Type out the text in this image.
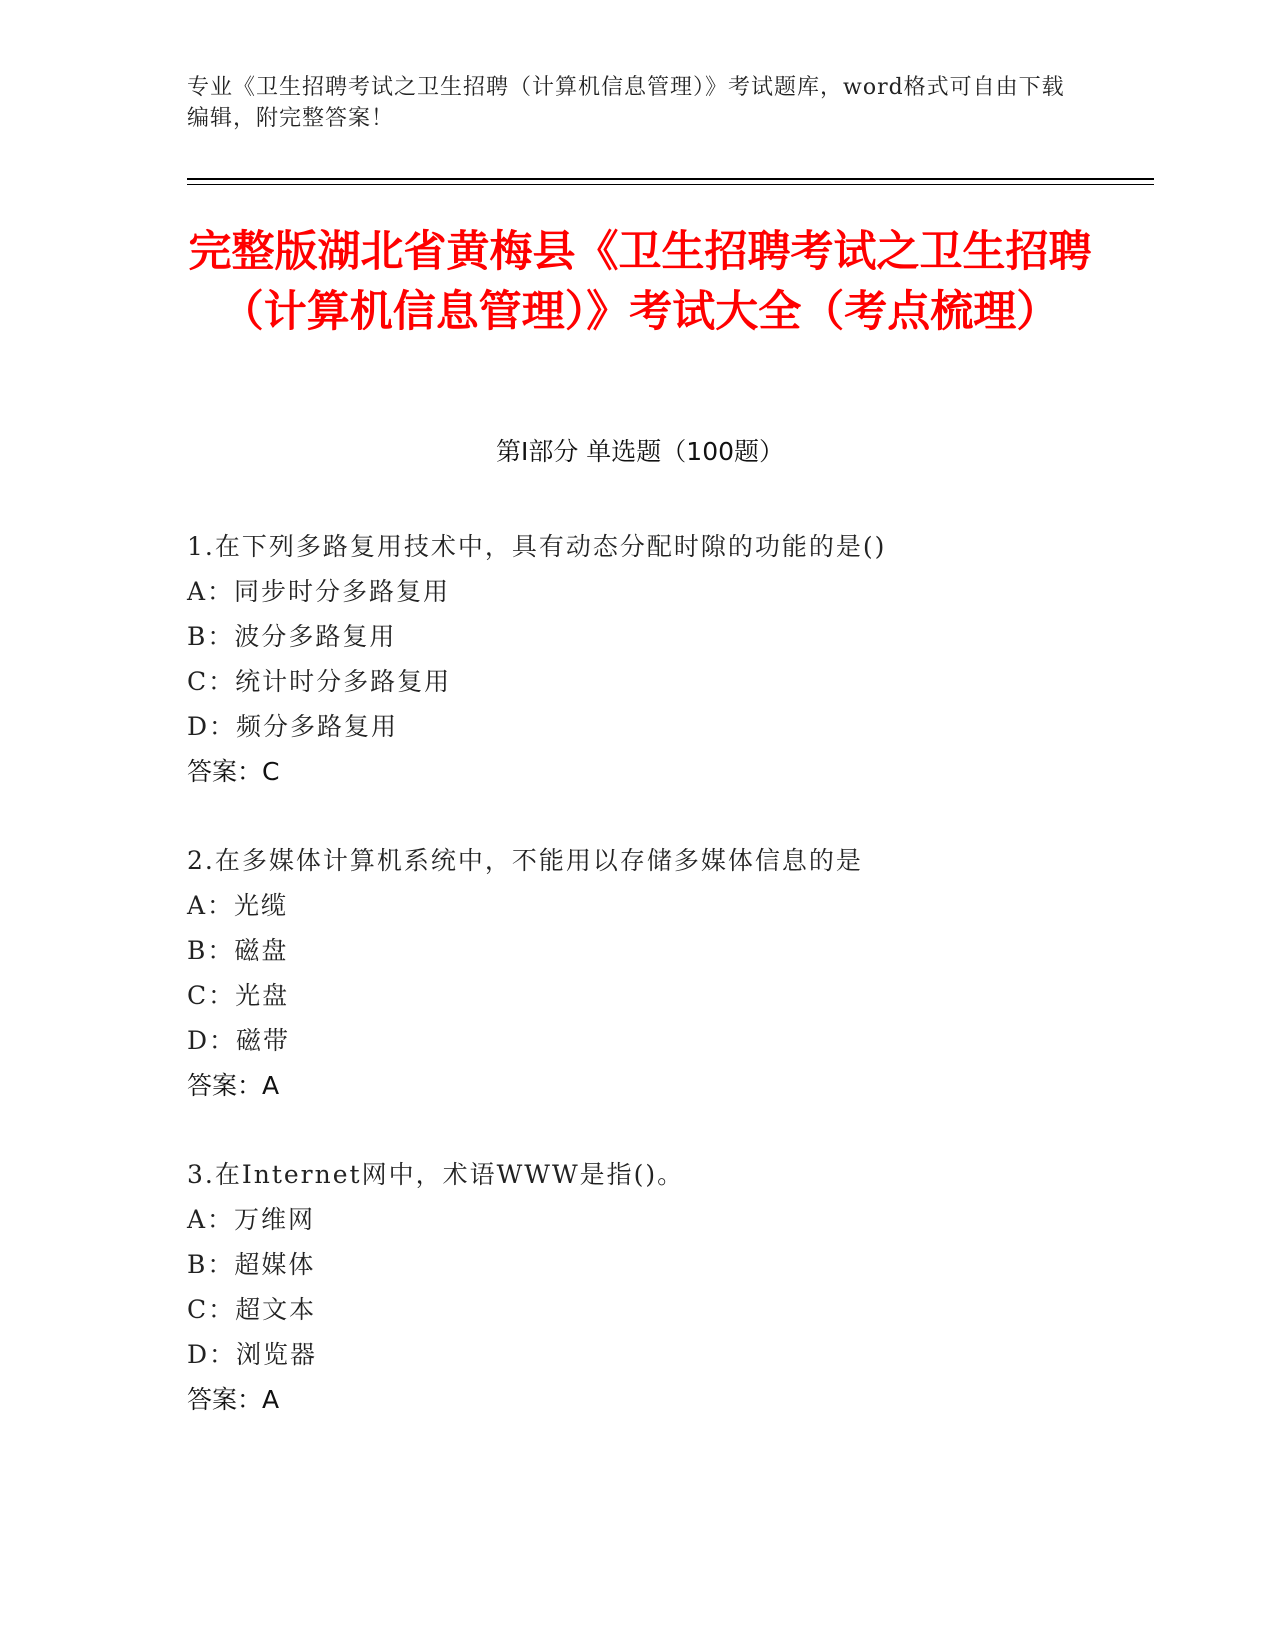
专业《卫生招聘考试之卫生招聘（计算机信息管理）》考试题库，word格式可自由下载编辑，附完整答案！
完整版湖北省黄梅县《卫生招聘考试之卫生招聘（计算机信息管理）》考试大全（考点梳理）
第Ⅰ部分 单选题（100题）
1.在下列多路复用技术中，具有动态分配时隙的功能的是()
A：同步时分多路复用
B：波分多路复用
C：统计时分多路复用
D：频分多路复用
答案：C
2.在多媒体计算机系统中，不能用以存储多媒体信息的是
A：光缆
B：磁盘
C：光盘
D：磁带
答案：A
3.在Internet网中，术语WWW是指()。
A：万维网
B：超媒体
C：超文本
D：浏览器
答案：A
